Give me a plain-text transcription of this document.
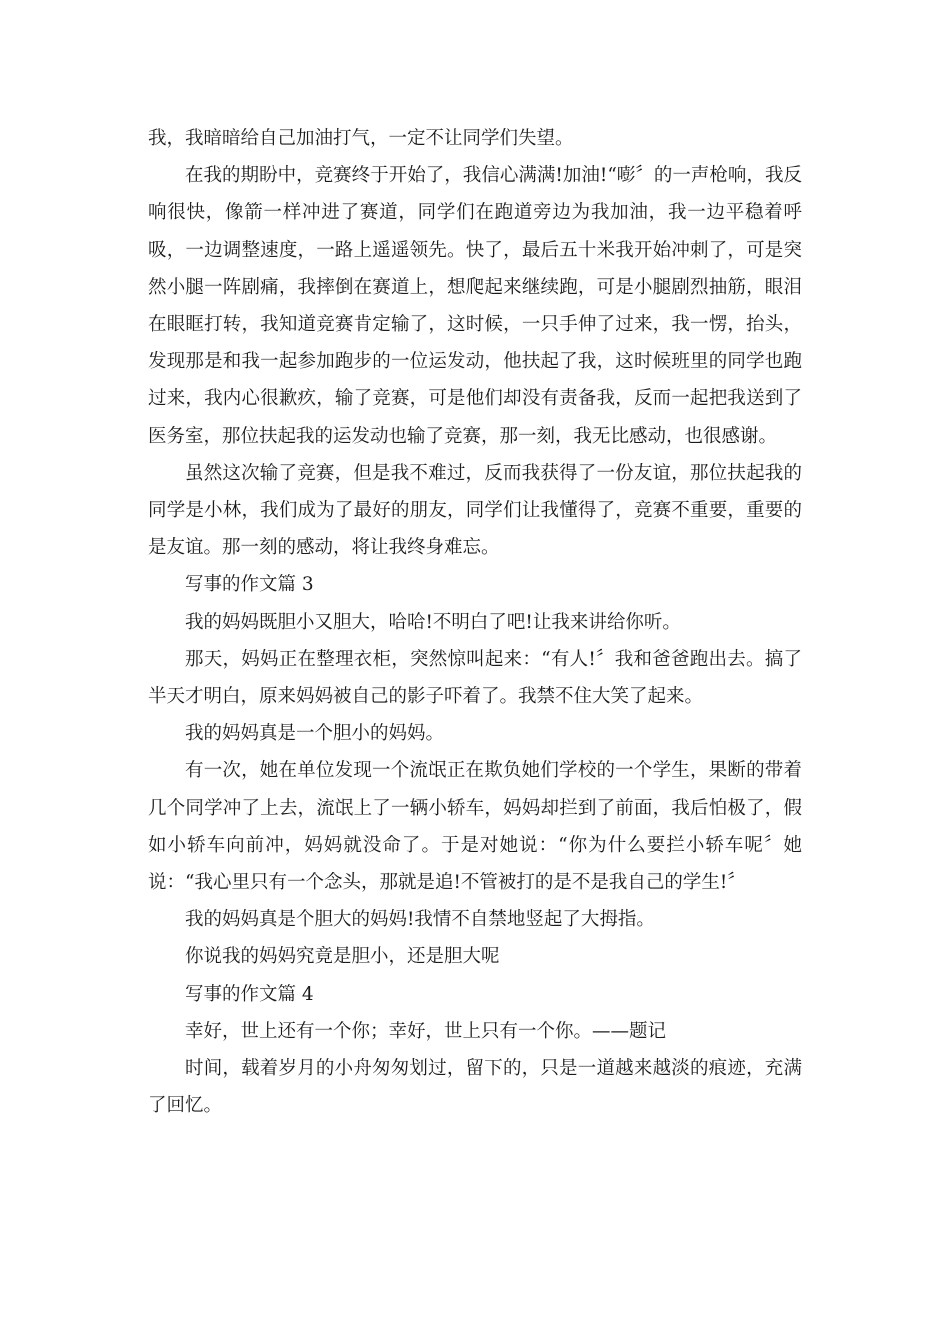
我，我暗暗给自己加油打气，一定不让同学们失望。

在我的期盼中，竞赛终于开始了，我信心满满!加油!“嘭〞的一声枪响，我反响很快，像箭一样冲进了赛道，同学们在跑道旁边为我加油，我一边平稳着呼吸，一边调整速度，一路上遥遥领先。快了，最后五十米我开始冲刺了，可是突然小腿一阵剧痛，我摔倒在赛道上，想爬起来继续跑，可是小腿剧烈抽筋，眼泪在眼眶打转，我知道竞赛肯定输了，这时候，一只手伸了过来，我一愣，抬头，发现那是和我一起参加跑步的一位运发动，他扶起了我，这时候班里的同学也跑过来，我内心很歉疚，输了竞赛，可是他们却没有责备我，反而一起把我送到了医务室，那位扶起我的运发动也输了竞赛，那一刻，我无比感动，也很感谢。

虽然这次输了竞赛，但是我不难过，反而我获得了一份友谊，那位扶起我的同学是小林，我们成为了最好的朋友，同学们让我懂得了，竞赛不重要，重要的是友谊。那一刻的感动，将让我终身难忘。

写事的作文篇 3

我的妈妈既胆小又胆大，哈哈!不明白了吧!让我来讲给你听。

那天，妈妈正在整理衣柜，突然惊叫起来：“有人!〞我和爸爸跑出去。搞了半天才明白，原来妈妈被自己的影子吓着了。我禁不住大笑了起来。

我的妈妈真是一个胆小的妈妈。

有一次，她在单位发现一个流氓正在欺负她们学校的一个学生，果断的带着几个同学冲了上去，流氓上了一辆小轿车，妈妈却拦到了前面，我后怕极了，假如小轿车向前冲，妈妈就没命了。于是对她说：“你为什么要拦小轿车呢〞她说：“我心里只有一个念头，那就是追!不管被打的是不是我自己的学生!〞

我的妈妈真是个胆大的妈妈!我情不自禁地竖起了大拇指。

你说我的妈妈究竟是胆小，还是胆大呢

写事的作文篇 4

幸好，世上还有一个你；幸好，世上只有一个你。——题记

时间，载着岁月的小舟匆匆划过，留下的，只是一道越来越淡的痕迹，充满了回忆。
